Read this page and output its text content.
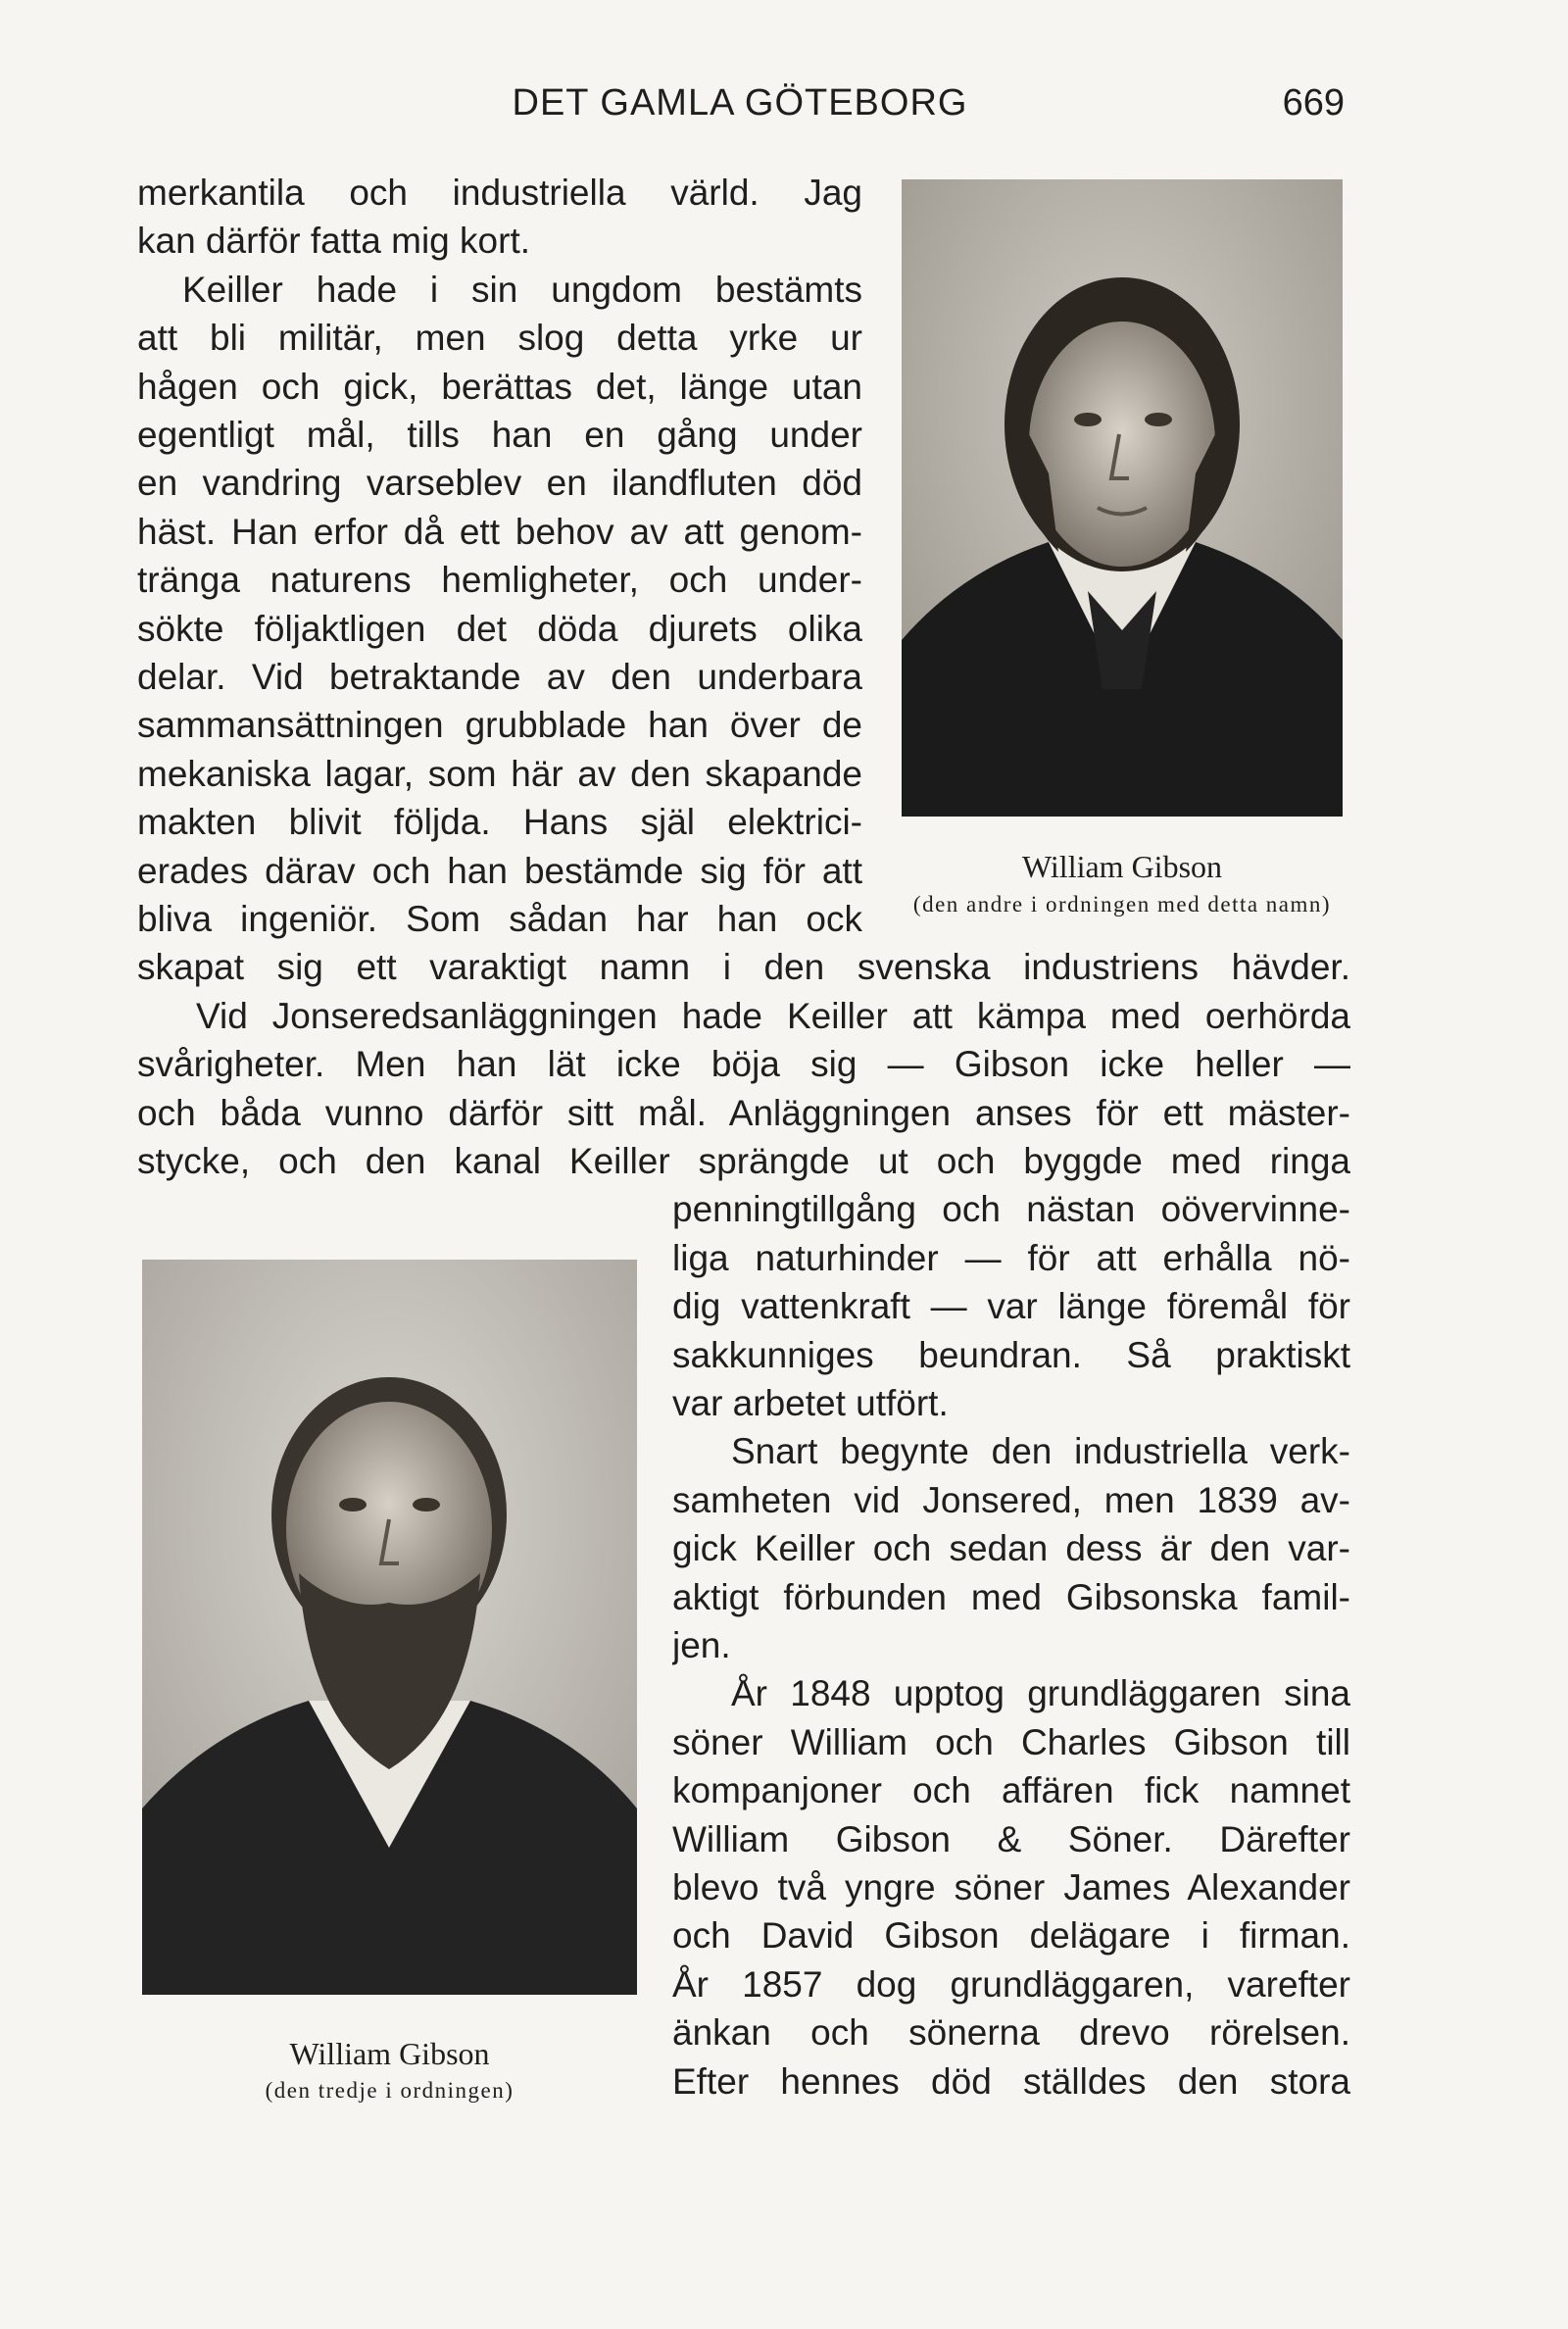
DET GAMLA GÖTEBORG	669
merkantila och industriella värld. Jag
kan därför fatta mig kort.
Keiller hade i sin ungdom bestämts
att bli militär, men slog detta yrke ur
hågen och gick, berättas det, länge utan
egentligt mål, tills han en gång under
en vandring varseblev en ilandfluten död
häst. Han erfor då ett behov av att genom-
tränga naturens hemligheter, och under-
sökte följaktligen det döda djurets olika
delar. Vid betraktande av den underbara
sammansättningen grubblade han över de
mekaniska lagar, som här av den skapande
makten blivit följda. Hans själ elektrici-
erades därav och han bestämde sig för att
bliva ingeniör. Som sådan har han ock
skapat sig ett varaktigt namn i den svenska industriens hävder.
Vid Jonseredsanläggningen hade Keiller att kämpa med oerhörda
svårigheter. Men han lät icke böja sig — Gibson icke heller —
och båda vunno därför sitt mål. Anläggningen anses för ett mäster-
stycke, och den kanal Keiller sprängde ut och byggde med ringa
penningtillgång och nästan oövervinne-
liga naturhinder — för att erhålla nö-
dig vattenkraft — var länge föremål för
sakkunniges beundran. Så praktiskt
var arbetet utfört.
Snart begynte den industriella verk-
samheten vid Jonsered, men 1839 av-
gick Keiller och sedan dess är den var-
aktigt förbunden med Gibsonska famil-
jen.
År 1848 upptog grundläggaren sina
söner William och Charles Gibson till
kompanjoner och affären fick namnet
William Gibson & Söner. Därefter
blevo två yngre söner James Alexander
och David Gibson delägare i firman.
År 1857 dog grundläggaren, varefter
änkan och sönerna drevo rörelsen.
Efter hennes död ställdes den stora
William Gibson
(den andre i ordningen med detta namn)
William Gibson
(den tredje i ordningen)
